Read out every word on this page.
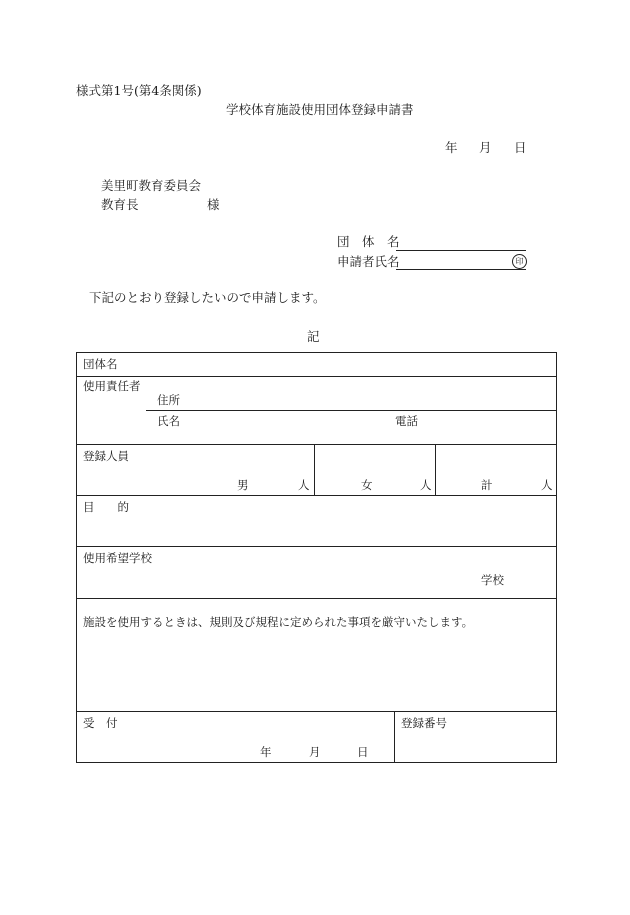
様式第1号(第4条関係)
学校体育施設使用団体登録申請書
年 月 日
美里町教育委員会
教育長	様
団　体　名
申請者氏名	印
下記のとおり登録したいので申請します。
記
団体名
使用責任者
住所
氏名	電話
登録人員
男	人	女	人	計	人
目　　的
使用希望学校
学校
施設を使用するときは、規則及び規程に定められた事項を厳守いたします。
受　付
年	月	日
登録番号
